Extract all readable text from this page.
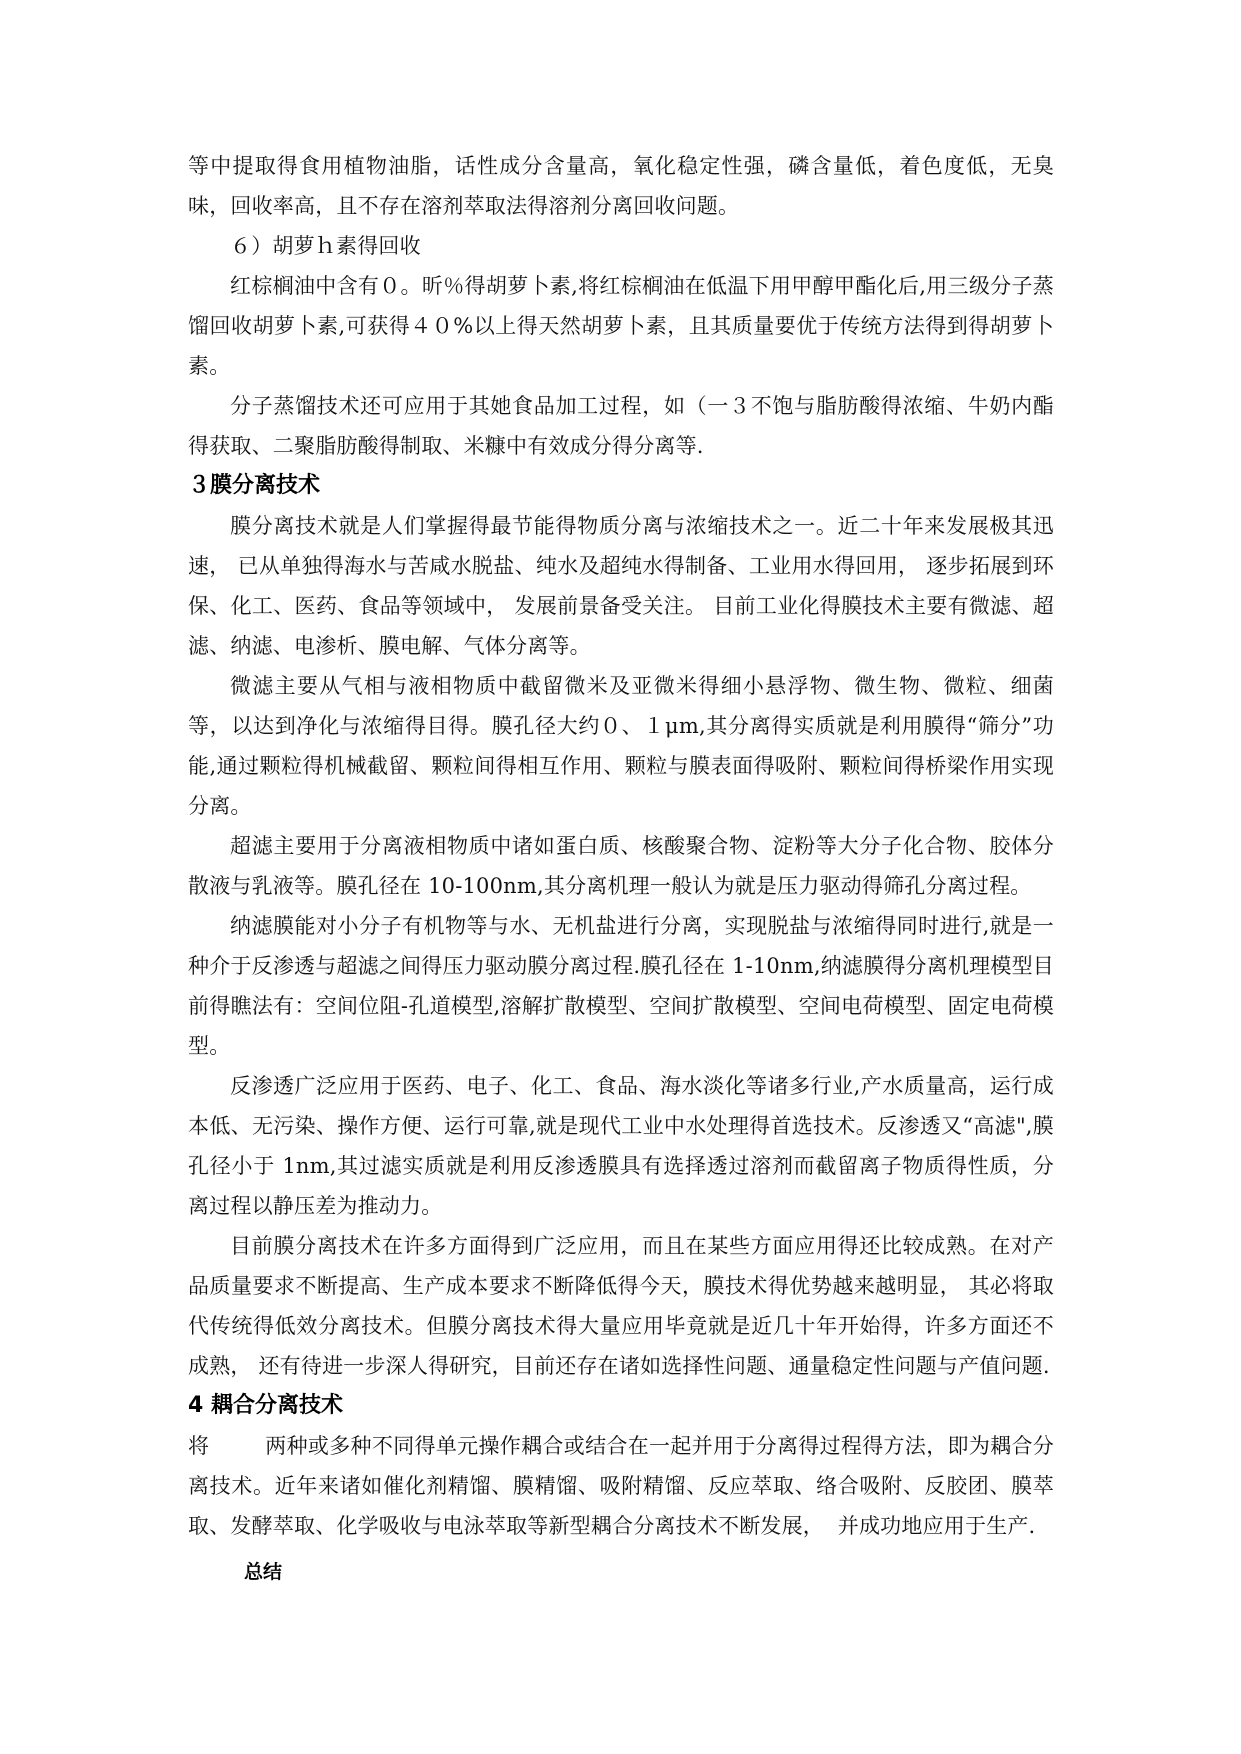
等中提取得食用植物油脂，话性成分含量高，氧化稳定性强，磷含量低，着色度低，无臭味，回收率高，且不存在溶剂萃取法得溶剂分离回收问题。

６）胡萝ｈ素得回收

红棕榈油中含有０。昕％得胡萝卜素,将红棕榈油在低温下用甲醇甲酯化后,用三级分子蒸馏回收胡萝卜素,可获得４０%以上得天然胡萝卜素，且其质量要优于传统方法得到得胡萝卜素。

分子蒸馏技术还可应用于其她食品加工过程，如（一３不饱与脂肪酸得浓缩、牛奶内酯得获取、二聚脂肪酸得制取、米糠中有效成分得分离等.

３膜分离技术

膜分离技术就是人们掌握得最节能得物质分离与浓缩技术之一。近二十年来发展极其迅速， 已从单独得海水与苦咸水脱盐、纯水及超纯水得制备、工业用水得回用， 逐步拓展到环保、化工、医药、食品等领域中， 发展前景备受关注。 目前工业化得膜技术主要有微滤、超滤、纳滤、电渗析、膜电解、气体分离等。

微滤主要从气相与液相物质中截留微米及亚微米得细小悬浮物、微生物、微粒、细菌等，以达到净化与浓缩得目得。膜孔径大约０、１μm,其分离得实质就是利用膜得“筛分”功能,通过颗粒得机械截留、颗粒间得相互作用、颗粒与膜表面得吸附、颗粒间得桥梁作用实现分离。

超滤主要用于分离液相物质中诸如蛋白质、核酸聚合物、淀粉等大分子化合物、胶体分散液与乳液等。膜孔径在 10-100nm,其分离机理一般认为就是压力驱动得筛孔分离过程。

纳滤膜能对小分子有机物等与水、无机盐进行分离，实现脱盐与浓缩得同时进行,就是一种介于反渗透与超滤之间得压力驱动膜分离过程.膜孔径在 1-10nm,纳滤膜得分离机理模型目前得瞧法有：空间位阻-孔道模型,溶解扩散模型、空间扩散模型、空间电荷模型、固定电荷模型。

反渗透广泛应用于医药、电子、化工、食品、海水淡化等诸多行业,产水质量高，运行成本低、无污染、操作方便、运行可靠,就是现代工业中水处理得首选技术。反渗透又“高滤",膜孔径小于 1nm,其过滤实质就是利用反渗透膜具有选择透过溶剂而截留离子物质得性质，分离过程以静压差为推动力。

目前膜分离技术在许多方面得到广泛应用，而且在某些方面应用得还比较成熟。在对产品质量要求不断提高、生产成本要求不断降低得今天，膜技术得优势越来越明显， 其必将取代传统得低效分离技术。但膜分离技术得大量应用毕竟就是近几十年开始得，许多方面还不成熟， 还有待进一步深人得研究，目前还存在诸如选择性问题、通量稳定性问题与产值问题.

4 耦合分离技术

将        两种或多种不同得单元操作耦合或结合在一起并用于分离得过程得方法，即为耦合分离技术。近年来诸如催化剂精馏、膜精馏、吸附精馏、反应萃取、络合吸附、反胶团、膜萃取、发酵萃取、化学吸收与电泳萃取等新型耦合分离技术不断发展，  并成功地应用于生产.

总结
